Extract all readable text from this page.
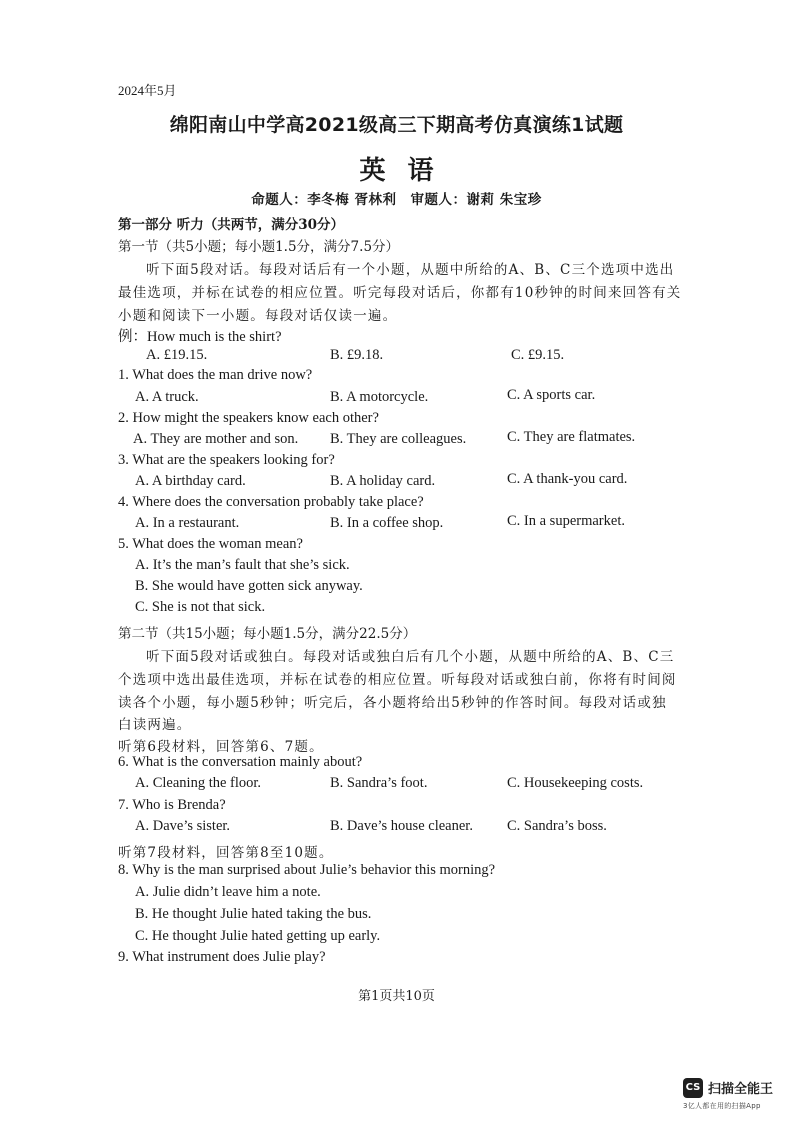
2024年5月
绵阳南山中学高2021级高三下期高考仿真演练1试题
英语
命题人：李冬梅 胥林利　审题人：谢莉 朱宝珍
第一部分 听力（共两节，满分30分）
第一节（共5小题；每小题1.5分，满分7.5分）
听下面5段对话。每段对话后有一个小题，从题中所给的A、B、C三个选项中选出
最佳选项，并标在试卷的相应位置。听完每段对话后，你都有10秒钟的时间来回答有关
小题和阅读下一小题。每段对话仅读一遍。
例：How much is the shirt?
A. £19.15.	B. £9.18.	C. £9.15.
1. What does the man drive now?
A. A truck.	B. A motorcycle.	C. A sports car.
2. How might the speakers know each other?
A. They are mother and son. B. They are colleagues.	C. They are flatmates.
3. What are the speakers looking for?
A. A birthday card.	B. A holiday card.	C. A thank-you card.
4. Where does the conversation probably take place?
A. In a restaurant.	B. In a coffee shop.	C. In a supermarket.
5. What does the woman mean?
A. It’s the man’s fault that she’s sick.
B. She would have gotten sick anyway.
C. She is not that sick.
第二节（共15小题；每小题1.5分，满分22.5分）
听下面5段对话或独白。每段对话或独白后有几个小题，从题中所给的A、B、C三
个选项中选出最佳选项，并标在试卷的相应位置。听每段对话或独白前，你将有时间阅
读各个小题，每小题5秒钟；听完后，各小题将给出5秒钟的作答时间。每段对话或独
白读两遍。
听第6段材料，回答第6、7题。
6. What is the conversation mainly about?
A. Cleaning the floor.	B. Sandra’s foot.	C. Housekeeping costs.
7. Who is Brenda?
A. Dave’s sister.	B. Dave’s house cleaner. C. Sandra’s boss.
听第7段材料，回答第8至10题。
8. Why is the man surprised about Julie’s behavior this morning?
A. Julie didn’t leave him a note.
B. He thought Julie hated taking the bus.
C. He thought Julie hated getting up early.
9. What instrument does Julie play?
第1页共10页
CS 扫描全能王
3亿人都在用的扫描App
